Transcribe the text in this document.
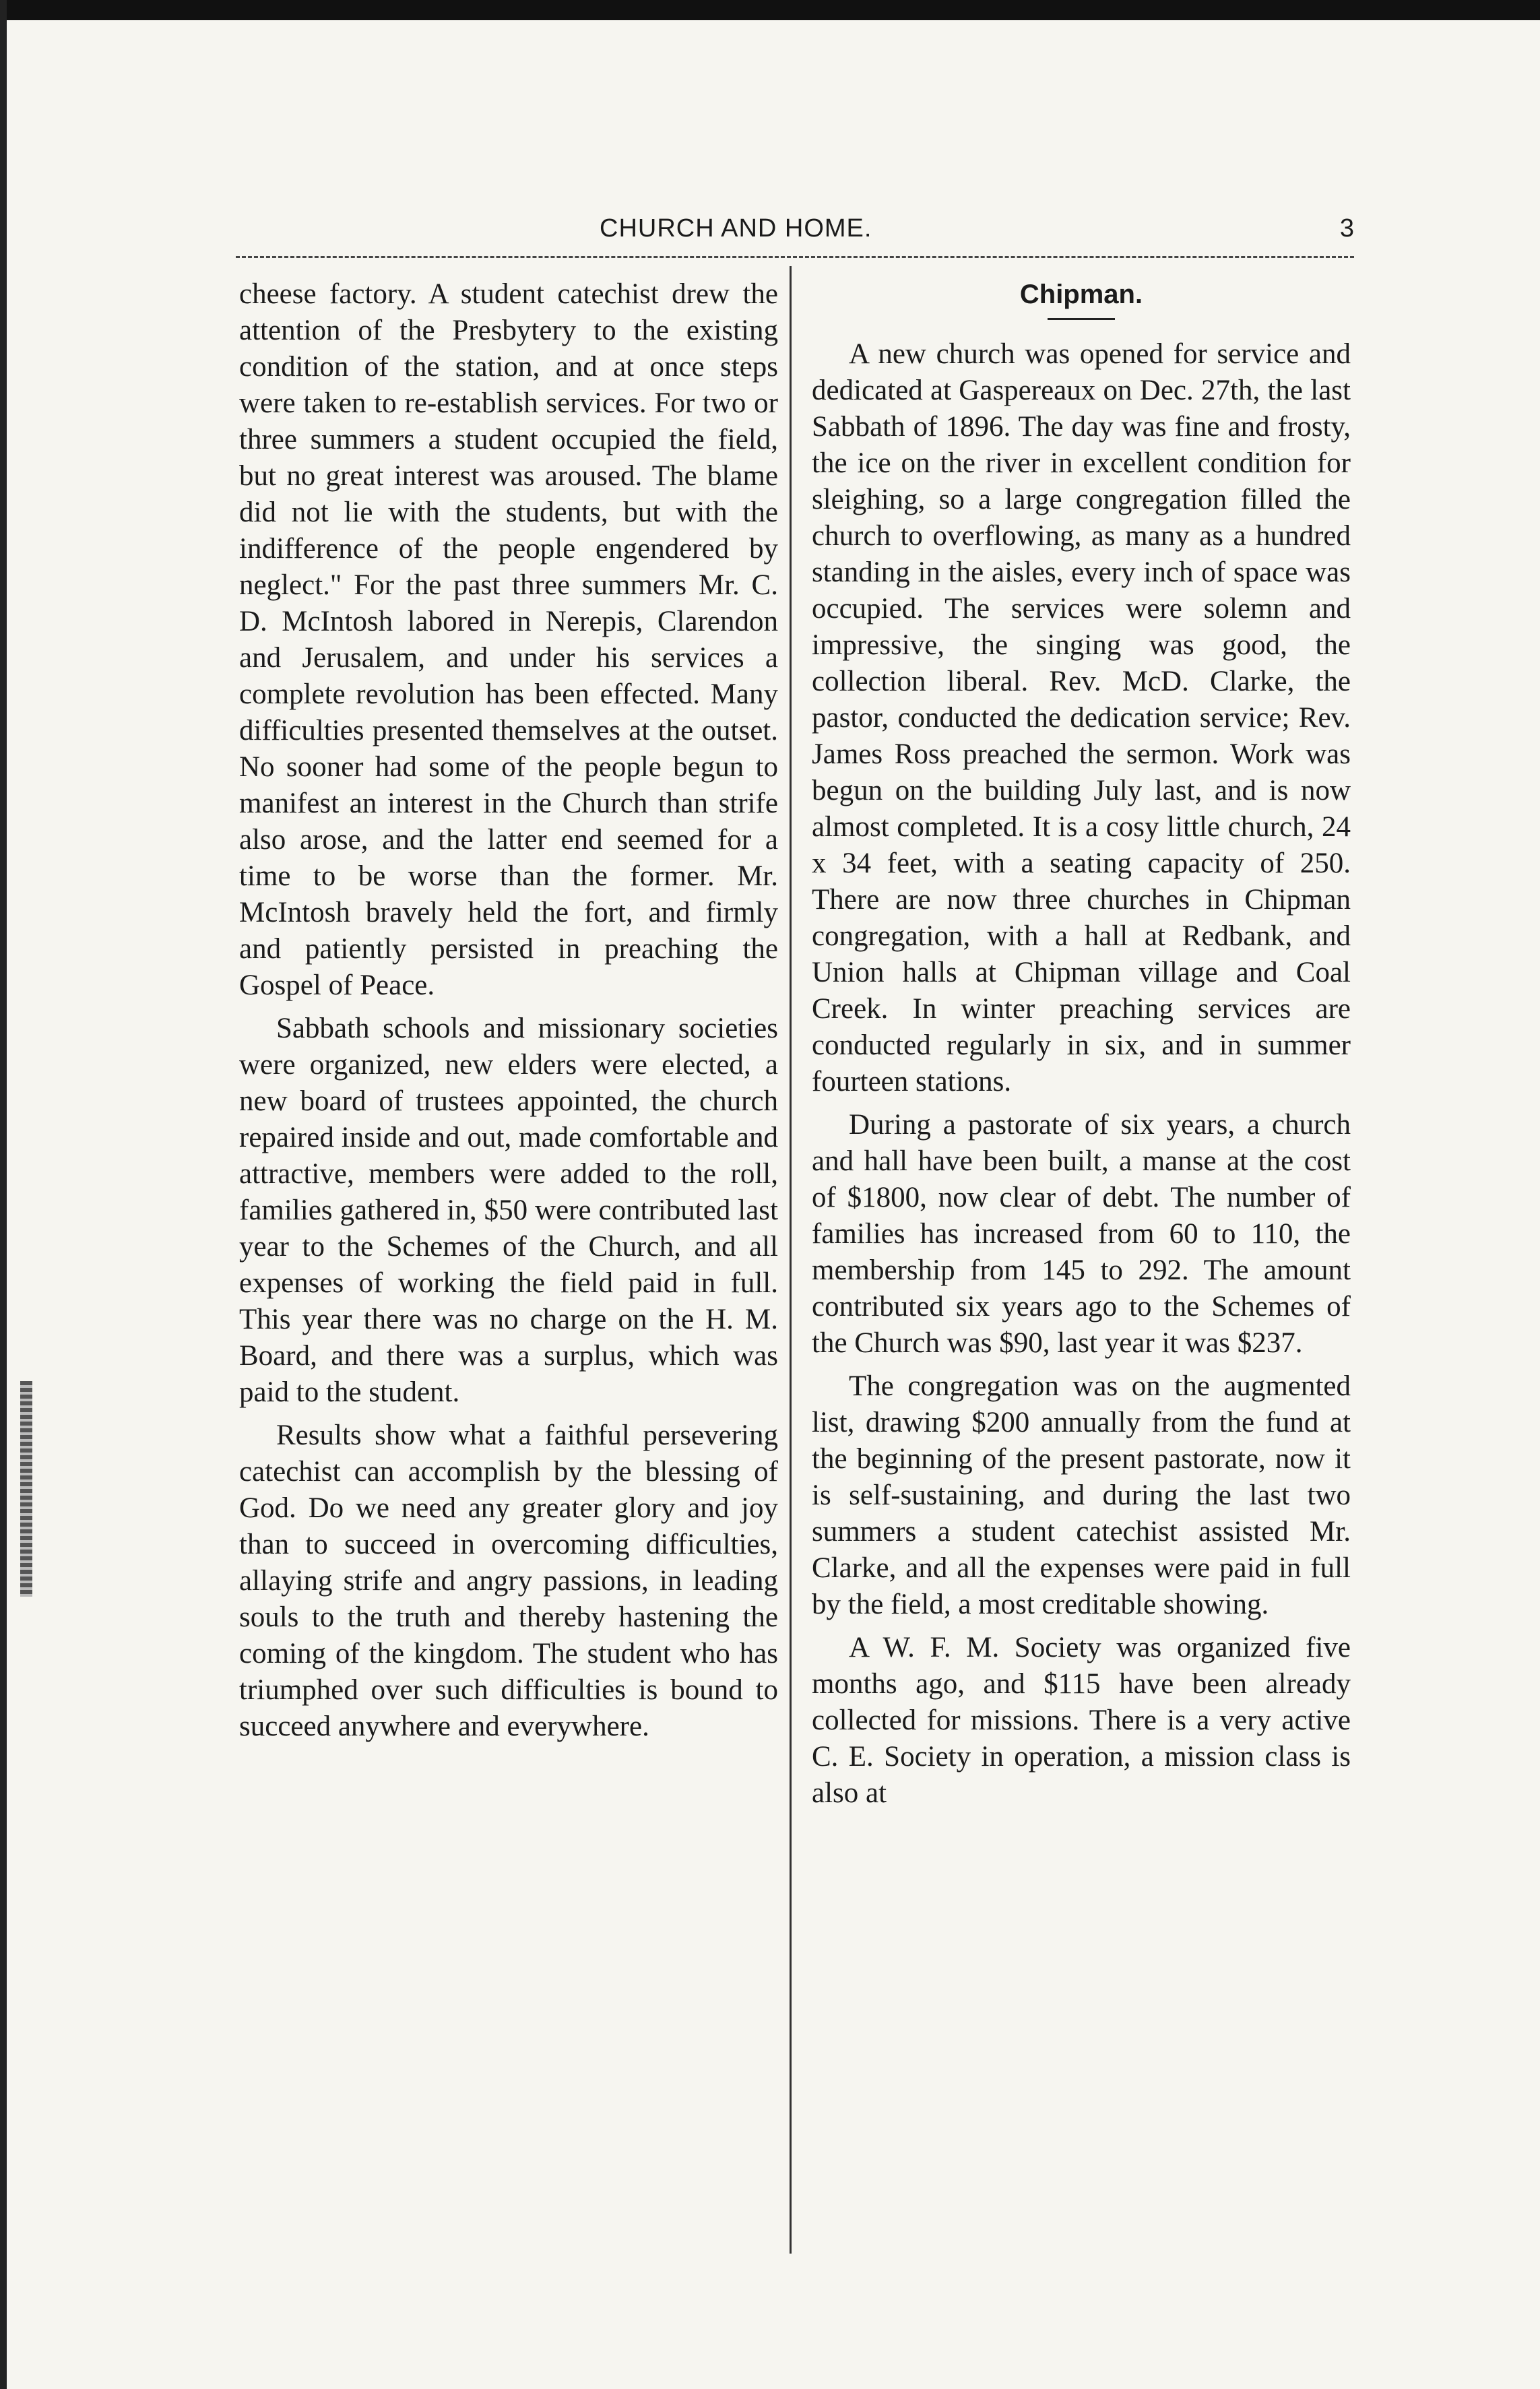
CHURCH AND HOME.	3

cheese factory. A student catechist drew the attention of the Presbytery to the existing condition of the station, and at once steps were taken to re-establish services. For two or three summers a student occupied the field, but no great interest was aroused. The blame did not lie with the students, but with the indifference of the people engendered by neglect." For the past three summers Mr. C. D. McIntosh labored in Nerepis, Clarendon and Jerusalem, and under his services a complete revolution has been effected. Many difficulties presented themselves at the outset. No sooner had some of the people begun to manifest an interest in the Church than strife also arose, and the latter end seemed for a time to be worse than the former. Mr. McIntosh bravely held the fort, and firmly and patiently persisted in preaching the Gospel of Peace.

Sabbath schools and missionary societies were organized, new elders were elected, a new board of trustees appointed, the church repaired inside and out, made comfortable and attractive, members were added to the roll, families gathered in, $50 were contributed last year to the Schemes of the Church, and all expenses of working the field paid in full. This year there was no charge on the H. M. Board, and there was a surplus, which was paid to the student.

Results show what a faithful persevering catechist can accomplish by the blessing of God. Do we need any greater glory and joy than to succeed in overcoming difficulties, allaying strife and angry passions, in leading souls to the truth and thereby hastening the coming of the kingdom. The student who has triumphed over such difficulties is bound to succeed anywhere and everywhere.

Chipman.

A new church was opened for service and dedicated at Gaspereaux on Dec. 27th, the last Sabbath of 1896. The day was fine and frosty, the ice on the river in excellent condition for sleighing, so a large congregation filled the church to overflowing, as many as a hundred standing in the aisles, every inch of space was occupied. The services were solemn and impressive, the singing was good, the collection liberal. Rev. McD. Clarke, the pastor, conducted the dedication service; Rev. James Ross preached the sermon. Work was begun on the building July last, and is now almost completed. It is a cosy little church, 24 x 34 feet, with a seating capacity of 250. There are now three churches in Chipman congregation, with a hall at Redbank, and Union halls at Chipman village and Coal Creek. In winter preaching services are conducted regularly in six, and in summer fourteen stations.

During a pastorate of six years, a church and hall have been built, a manse at the cost of $1800, now clear of debt. The number of families has increased from 60 to 110, the membership from 145 to 292. The amount contributed six years ago to the Schemes of the Church was $90, last year it was $237.

The congregation was on the augmented list, drawing $200 annually from the fund at the beginning of the present pastorate, now it is self-sustaining, and during the last two summers a student catechist assisted Mr. Clarke, and all the expenses were paid in full by the field, a most creditable showing.

A W. F. M. Society was organized five months ago, and $115 have been already collected for missions. There is a very active C. E. Society in operation, a mission class is also at
